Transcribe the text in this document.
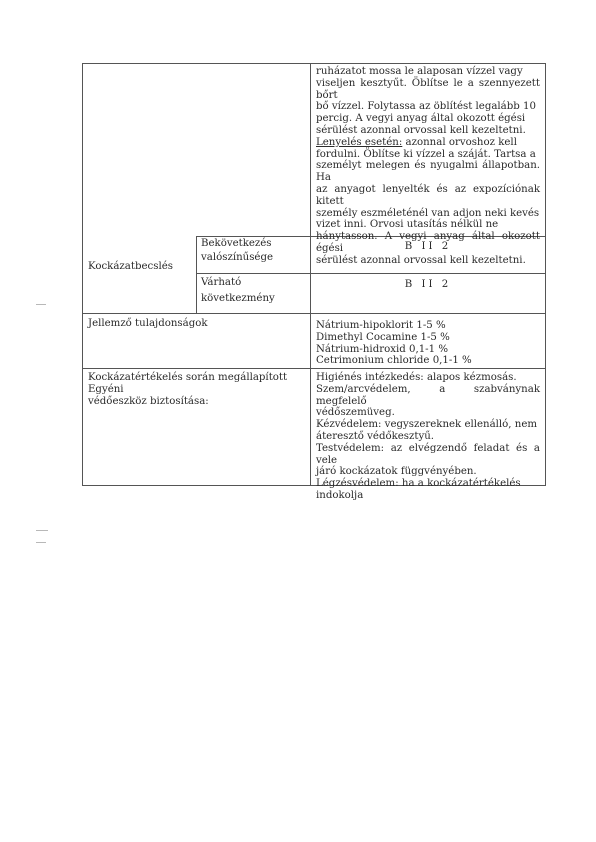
ruházatot mossa le alaposan vízzel vagy

viseljen kesztyűt. Öblítse le a szennyezett bőrt

bő vízzel. Folytassa az öblítést legalább 10

percig. A vegyi anyag által okozott égési

sérülést azonnal orvossal kell kezeltetni.

Lenyelés esetén: azonnal orvoshoz kell

fordulni. Öblítse ki vízzel a száját. Tartsa a

személyt melegen és nyugalmi állapotban. Ha

az anyagot lenyelték és az expozíciónak kitett

személy eszméleténél van adjon neki kevés

vizet inni. Orvosi utasítás nélkül ne

hánytasson. A vegyi anyag által okozott égési

sérülést azonnal orvossal kell kezeltetni.

Kockázatbecslés
Bekövetkezés
valószínűsége
B II 2
Várható
következmény
B II 2
Jellemző tulajdonságok	Nátrium-hipoklorit 1-5 %
Dimethyl Cocamine 1-5 %
Nátrium-hidroxid 0,1-1 %
Cetrimonium chloride 0,1-1 %
Kockázatértékelés során megállapított Egyéni
védőeszköz biztosítása:

Higiénés intézkedés: alapos kézmosás.

Szem/arcvédelem, a szabványnak megfelelő

védőszemüveg.

Kézvédelem: vegyszereknek ellenálló, nem

áteresztő védőkesztyű.

Testvédelem: az elvégzendő feladat és a vele

járó kockázatok függvényében.

Légzésvédelem: ha a kockázatértékelés

indokolja
